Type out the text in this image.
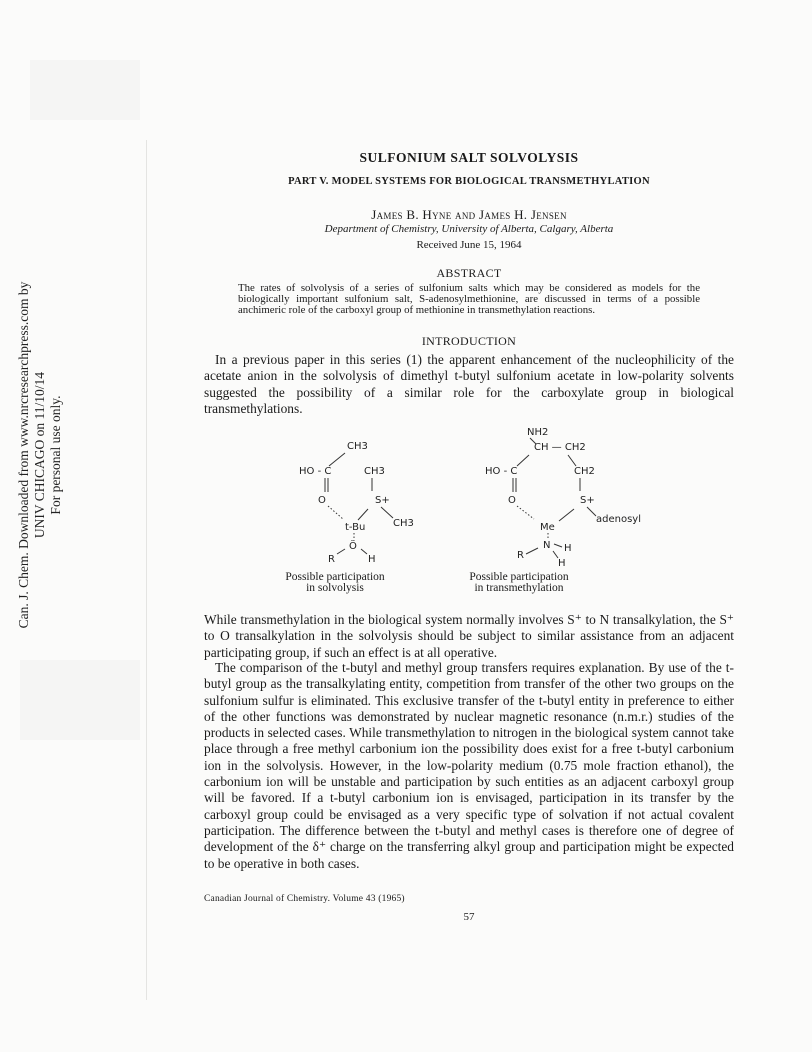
Can. J. Chem. Downloaded from www.nrcresearchpress.com by UNIV CHICAGO on 11/10/14 For personal use only.
SULFONIUM SALT SOLVOLYSIS
PART V. MODEL SYSTEMS FOR BIOLOGICAL TRANSMETHYLATION
James B. Hyne and James H. Jensen
Department of Chemistry, University of Alberta, Calgary, Alberta
Received June 15, 1964
ABSTRACT

The rates of solvolysis of a series of sulfonium salts which may be considered as models for the biologically important sulfonium salt, S-adenosylmethionine, are discussed in terms of a possible anchimeric role of the carboxyl group of methionine in transmethylation reactions.

INTRODUCTION

In a previous paper in this series (1) the apparent enhancement of the nucleophilicity of the acetate anion in the solvolysis of dimethyl t-butyl sulfonium acetate in low-polarity solvents suggested the possibility of a similar role for the carboxylate group in biological transmethylations.

CH3
HO - C	CH3
O	S+
t-Bu	CH3
Ö
R	H
NH2
CH — CH2
HO - C	CH2
O	S+
Me
adenosyl
N
R
H
H
Possible participation
in solvolysis
Possible participation
in transmethylation

While transmethylation in the biological system normally involves S⁺ to N transalkylation, the S⁺ to O transalkylation in the solvolysis should be subject to similar assistance from an adjacent participating group, if such an effect is at all operative.

The comparison of the t-butyl and methyl group transfers requires explanation. By use of the t-butyl group as the transalkylating entity, competition from transfer of the other two groups on the sulfonium sulfur is eliminated. This exclusive transfer of the t-butyl entity in preference to either of the other functions was demonstrated by nuclear magnetic resonance (n.m.r.) studies of the products in selected cases. While transmethylation to nitrogen in the biological system cannot take place through a free methyl carbonium ion the possibility does exist for a free t-butyl carbonium ion in the solvolysis. However, in the low-polarity medium (0.75 mole fraction ethanol), the carbonium ion will be unstable and participation by such entities as an adjacent carboxyl group will be favored. If a t-butyl carbonium ion is envisaged, participation in its transfer by the carboxyl group could be envisaged as a very specific type of solvation if not actual covalent participation. The difference between the t-butyl and methyl cases is therefore one of degree of development of the δ⁺ charge on the transferring alkyl group and participation might be expected to be operative in both cases.

Canadian Journal of Chemistry. Volume 43 (1965)
57
